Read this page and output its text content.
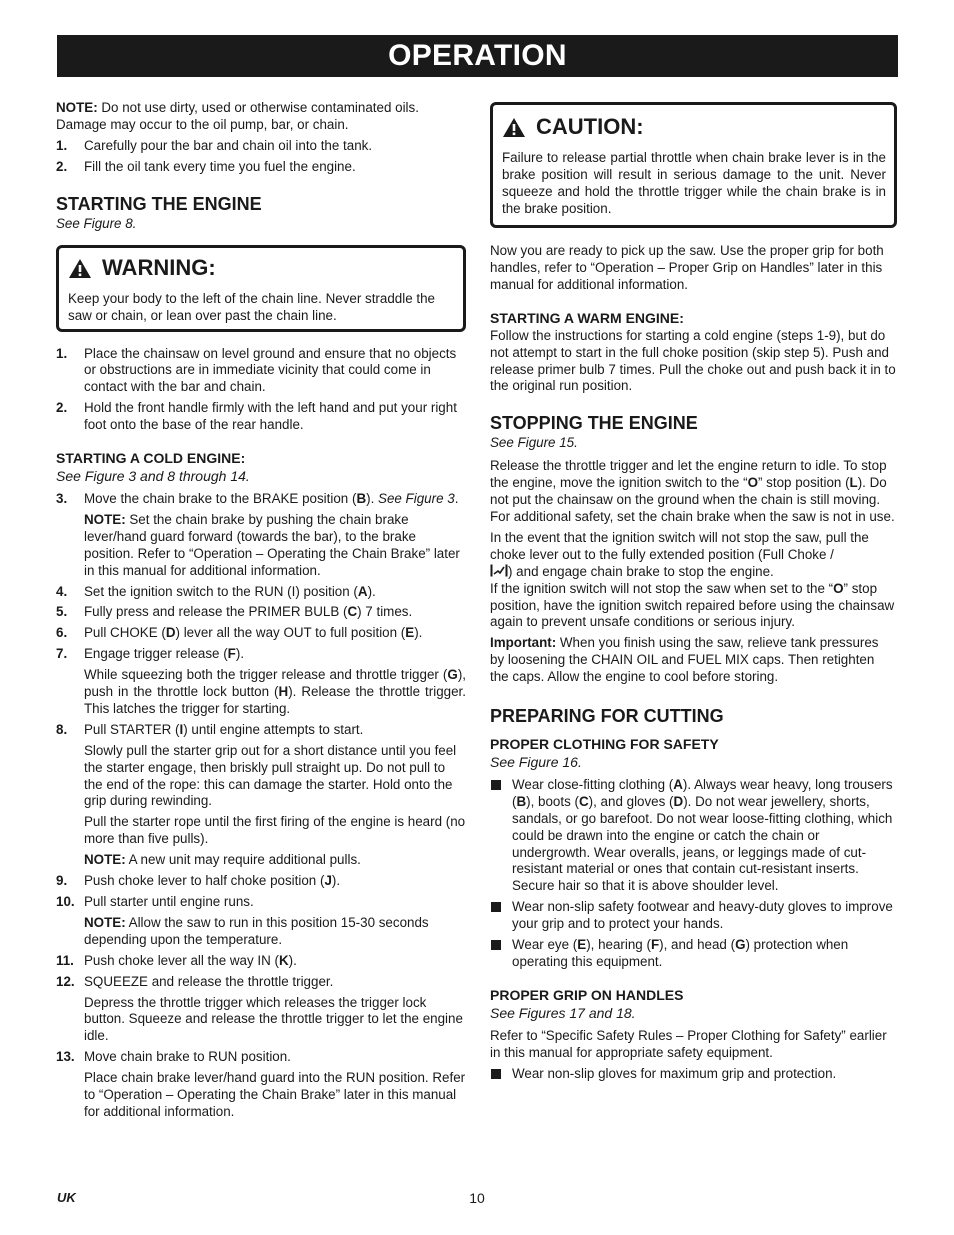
OPERATION

NOTE: Do not use dirty, used or otherwise contaminated oils. Damage may occur to the oil pump, bar, or chain.

1.	Carefully pour the bar and chain oil into the tank.
2.	Fill the oil tank every time you fuel the engine.
STARTING THE ENGINE

See Figure 8.

WARNING:
Keep your body to the left of the chain line. Never straddle the saw or chain, or lean over past the chain line.
1.	Place the chainsaw on level ground and ensure that no objects or obstructions are in immediate vicinity that could come in contact with the bar and chain.
2.	Hold the front handle firmly with the left hand and put your right foot onto the base of the rear handle.
STARTING A COLD ENGINE:

See Figure 3 and 8 through 14.

3.	Move the chain brake to the BRAKE position (B). See Figure 3.

NOTE: Set the chain brake by pushing the chain brake lever/hand guard forward (towards the bar), to the brake position. Refer to “Operation – Operating the Chain Brake” later in this manual for additional information.

4.	Set the ignition switch to the RUN (I) position (A).
5.	Fully press and release the PRIMER BULB (C) 7 times.
6.	Pull CHOKE (D) lever all the way OUT to full position (E).
7.	Engage trigger release (F).

While squeezing both the trigger release and throttle trigger (G), push in the throttle lock button (H). Release the throttle trigger. This latches the trigger for starting.

8.	Pull STARTER (I) until engine attempts to start.

Slowly pull the starter grip out for a short distance until you feel the starter engage, then briskly pull straight up. Do not pull to the end of the rope: this can damage the starter. Hold onto the grip during rewinding.

Pull the starter rope until the first firing of the engine is heard (no more than five pulls).

NOTE: A new unit may require additional pulls.

9.	Push choke lever to half choke position (J).
10. Pull starter until engine runs.

NOTE: Allow the saw to run in this position 15-30 seconds depending upon the temperature.

11. Push choke lever all the way IN (K).
12. SQUEEZE and release the throttle trigger.

Depress the throttle trigger which releases the trigger lock button. Squeeze and release the throttle trigger to let the engine idle.

13. Move chain brake to RUN position.

Place chain brake lever/hand guard into the RUN position. Refer to “Operation – Operating the Chain Brake” later in this manual for additional information.

CAUTION:
Failure to release partial throttle when chain brake lever is in the brake position will result in serious damage to the unit. Never squeeze and hold the throttle trigger while the chain brake is in the brake position.

Now you are ready to pick up the saw. Use the proper grip for both handles, refer to “Operation – Proper Grip on Handles” later in this manual for additional information.

STARTING A WARM ENGINE:

Follow the instructions for starting a cold engine (steps 1-9), but do not attempt to start in the full choke position (skip step 5). Push and release primer bulb 7 times. Pull the choke out and push back it in to the original run position.

STOPPING THE ENGINE

See Figure 15.

Release the throttle trigger and let the engine return to idle. To stop the engine, move the ignition switch to the “O” stop position (L). Do not put the chainsaw on the ground when the chain is still moving. For additional safety, set the chain brake when the saw is not in use.

In the event that the ignition switch will not stop the saw, pull the choke lever out to the fully extended position (Full Choke /
) and engage chain brake to stop the engine.
If the ignition switch will not stop the saw when set to the “O” stop position, have the ignition switch repaired before using the chainsaw again to prevent unsafe conditions or serious injury.

Important: When you finish using the saw, relieve tank pressures by loosening the CHAIN OIL and FUEL MIX caps. Then retighten the caps. Allow the engine to cool before storing.

PREPARING FOR CUTTING
PROPER CLOTHING FOR SAFETY

See Figure 16.

Wear close-fitting clothing (A). Always wear heavy, long trousers (B), boots (C), and gloves (D). Do not wear jewellery, shorts, sandals, or go barefoot. Do not wear loose-fitting clothing, which could be drawn into the engine or catch the chain or undergrowth. Wear overalls, jeans, or leggings made of cut-resistant material or ones that contain cut-resistant inserts. Secure hair so that it is above shoulder level.
Wear non-slip safety footwear and heavy-duty gloves to improve your grip and to protect your hands.
Wear eye (E), hearing (F), and head (G) protection when operating this equipment.
PROPER GRIP ON HANDLES

See Figures 17 and 18.

Refer to “Specific Safety Rules – Proper Clothing for Safety” earlier in this manual for appropriate safety equipment.

Wear non-slip gloves for maximum grip and protection.
UK	10
